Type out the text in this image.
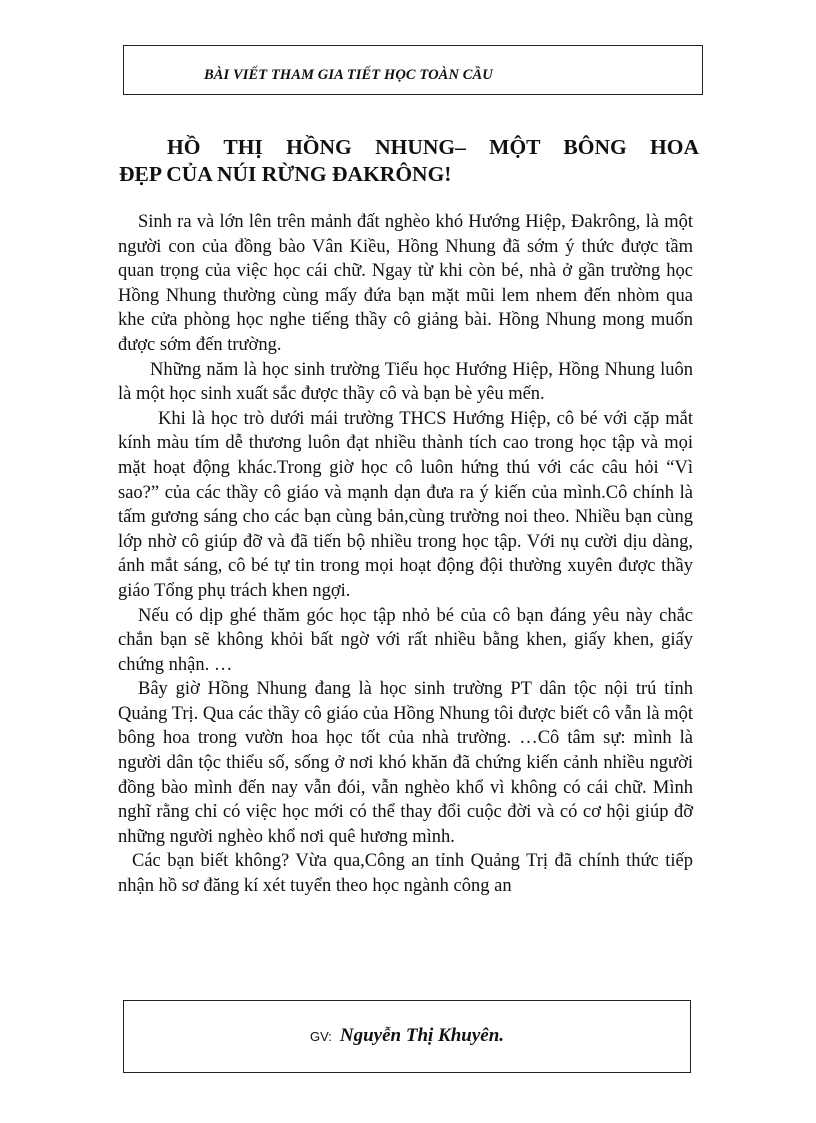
BÀI VIẾT THAM GIA TIẾT HỌC TOÀN CẦU
HỒ THỊ HỒNG NHUNG– MỘT BÔNG HOA
ĐẸP CỦA NÚI RỪNG ĐAKRÔNG!

Sinh ra và lớn lên trên mảnh đất nghèo khó Hướng Hiệp, Đakrông, là một người con của đồng bào Vân Kiều, Hồng Nhung đã sớm ý thức được tầm quan trọng của việc học cái chữ. Ngay từ khi còn bé, nhà ở gần trường học Hồng Nhung thường cùng mấy đứa bạn mặt mũi lem nhem đến nhòm qua khe cửa phòng học nghe tiếng thầy cô giảng bài. Hồng Nhung mong muốn được sớm đến trường.

Những năm là học sinh trường Tiểu học Hướng Hiệp, Hồng Nhung luôn là một học sinh xuất sắc được thầy cô và bạn bè yêu mến.

Khi là học trò dưới mái trường THCS Hướng Hiệp, cô bé với cặp mắt kính màu tím dễ thương luôn đạt nhiều thành tích cao trong học tập và mọi mặt hoạt động khác.Trong giờ học cô luôn hứng thú với các câu hỏi “Vì sao?” của các thầy cô giáo và mạnh dạn đưa ra ý kiến của mình.Cô chính là tấm gương sáng cho các bạn cùng bản,cùng trường noi theo. Nhiều bạn cùng lớp nhờ cô giúp đỡ và đã tiến bộ nhiều trong học tập. Với nụ cười dịu dàng, ánh mắt sáng, cô bé tự tin trong mọi hoạt động đội thường xuyên được thầy giáo Tổng phụ trách khen ngợi.

Nếu có dịp ghé thăm góc học tập nhỏ bé của cô bạn đáng yêu này chắc chắn bạn sẽ không khỏi bất ngờ với rất nhiều bằng khen, giấy khen, giấy chứng nhận. …

Bây giờ Hồng Nhung đang là học sinh trường PT dân tộc nội trú tỉnh Quảng Trị. Qua các thầy cô giáo của Hồng Nhung tôi được biết cô vẫn là một bông hoa trong vườn hoa học tốt của nhà trường. …Cô tâm sự: mình là người dân tộc thiểu số, sống ở nơi khó khăn đã chứng kiến cảnh nhiều người đồng bào mình đến nay vẫn đói, vẫn nghèo khổ vì không có cái chữ. Mình nghĩ rằng chỉ có việc học mới có thể thay đổi cuộc đời và có cơ hội giúp đỡ những người nghèo khổ nơi quê hương mình.

Các bạn biết không? Vừa qua,Công an tỉnh Quảng Trị đã chính thức tiếp nhận hồ sơ đăng kí xét tuyển theo học ngành công an

GV: Nguyễn Thị Khuyên.
